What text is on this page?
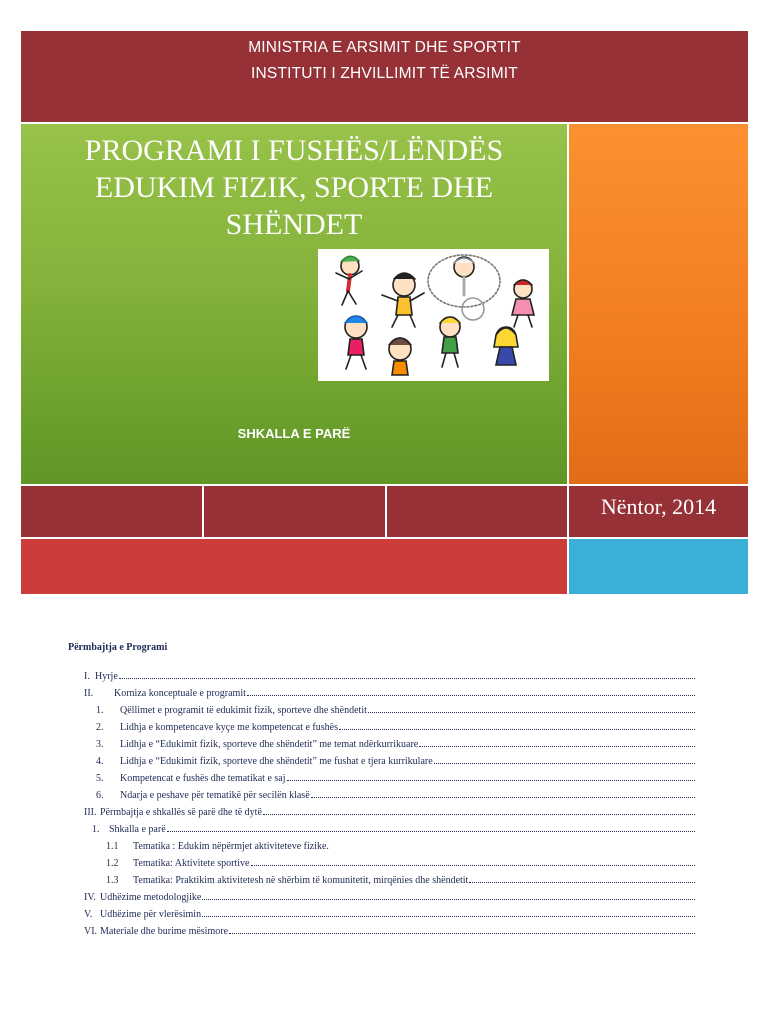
MINISTRIA E ARSIMIT DHE SPORTIT
INSTITUTI I ZHVILLIMIT TË ARSIMIT
PROGRAMI I FUSHËS/LËNDËS
EDUKIM FIZIK, SPORTE DHE
SHËNDET
SHKALLA E PARË
Nëntor, 2014
Përmbajtja e Programi
I. Hyrje
II.	Korniza konceptuale e programit
1.	Qëllimet e programit të edukimit fizik, sporteve dhe shëndetit
2.	Lidhja e kompetencave kyçe me kompetencat e fushës
3.	Lidhja e “Edukimit fizik, sporteve dhe shëndetit” me temat ndërkurrikuare
4.	Lidhja e “Edukimit fizik, sporteve dhe shëndetit” me fushat e tjera kurrikulare
5.	Kompetencat e fushës dhe tematikat e saj
6.	Ndarja e peshave për tematikë për secilën klasë
III. Përmbajtja e shkallës së parë dhe të dytë
1. Shkalla e parë
1.1	Tematika : Edukim nëpërmjet aktiviteteve fizike.
1.2	Tematika: Aktivitete sportive
1.3	Tematika: Praktikim aktivitetesh në shërbim të komunitetit, mirqënies dhe shëndetit
IV. Udhëzime metodologjike
V. Udhëzime për vlerësimin
VI. Materiale dhe burime mësimore
